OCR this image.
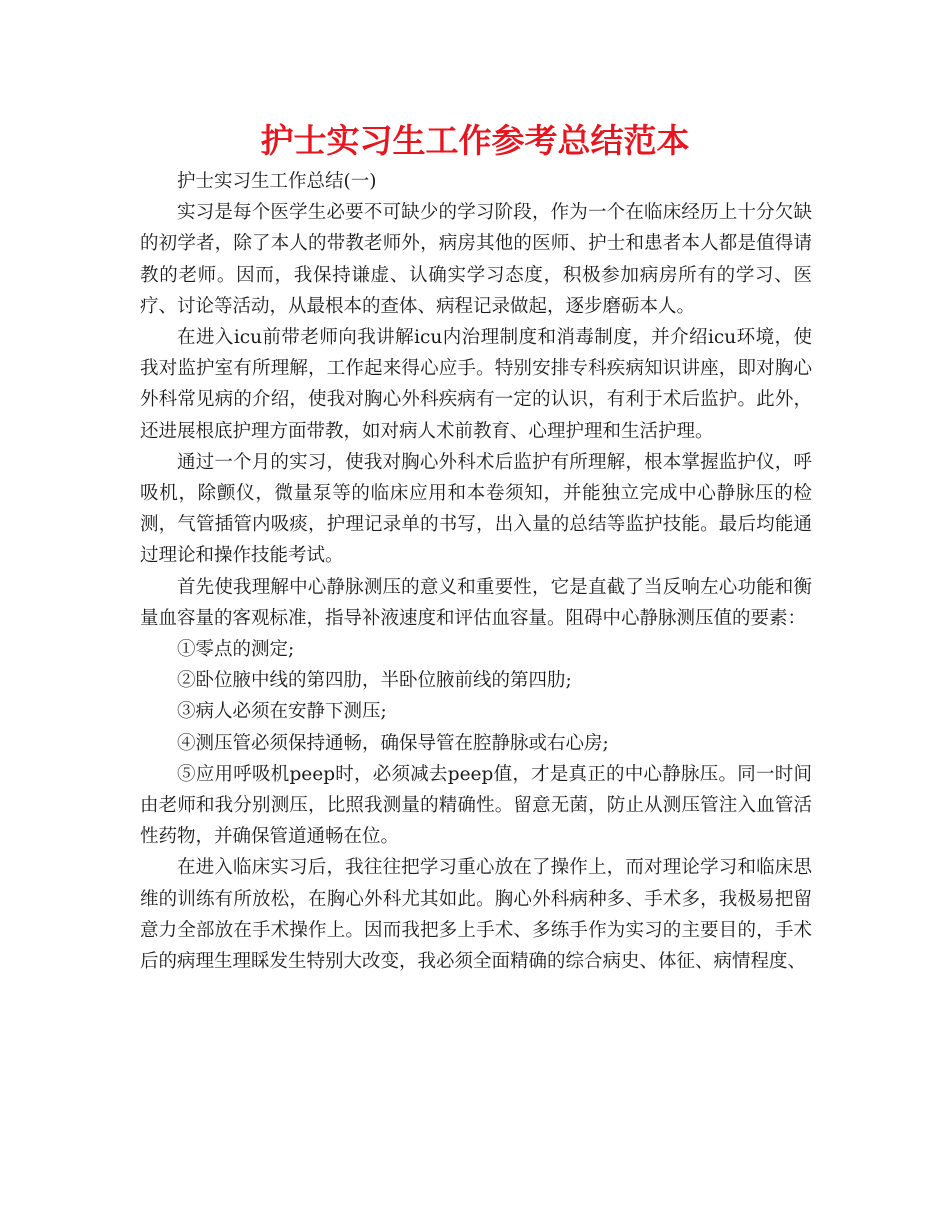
护士实习生工作参考总结范本

护士实习生工作总结(一)

实习是每个医学生必要不可缺少的学习阶段，作为一个在临床经历上十分欠缺的初学者，除了本人的带教老师外，病房其他的医师、护士和患者本人都是值得请教的老师。因而，我保持谦虚、认确实学习态度，积极参加病房所有的学习、医疗、讨论等活动，从最根本的查体、病程记录做起，逐步磨砺本人。

在进入icu前带老师向我讲解icu内治理制度和消毒制度，并介绍icu环境，使我对监护室有所理解，工作起来得心应手。特别安排专科疾病知识讲座，即对胸心外科常见病的介绍，使我对胸心外科疾病有一定的认识，有利于术后监护。此外，还进展根底护理方面带教，如对病人术前教育、心理护理和生活护理。

通过一个月的实习，使我对胸心外科术后监护有所理解，根本掌握监护仪，呼吸机，除颤仪，微量泵等的临床应用和本卷须知，并能独立完成中心静脉压的检测，气管插管内吸痰，护理记录单的书写，出入量的总结等监护技能。最后均能通过理论和操作技能考试。

首先使我理解中心静脉测压的意义和重要性，它是直截了当反响左心功能和衡量血容量的客观标准，指导补液速度和评估血容量。阻碍中心静脉测压值的要素：

①零点的测定;

②卧位腋中线的第四肋，半卧位腋前线的第四肋;

③病人必须在安静下测压;

④测压管必须保持通畅，确保导管在腔静脉或右心房;

⑤应用呼吸机peep时，必须减去peep值，才是真正的中心静脉压。同一时间由老师和我分别测压，比照我测量的精确性。留意无菌，防止从测压管注入血管活性药物，并确保管道通畅在位。

在进入临床实习后，我往往把学习重心放在了操作上，而对理论学习和临床思维的训练有所放松，在胸心外科尤其如此。胸心外科病种多、手术多，我极易把留意力全部放在手术操作上。因而我把多上手术、多练手作为实习的主要目的，手术后的病理生理睬发生特别大改变，我必须全面精确的综合病史、体征、病情程度、
